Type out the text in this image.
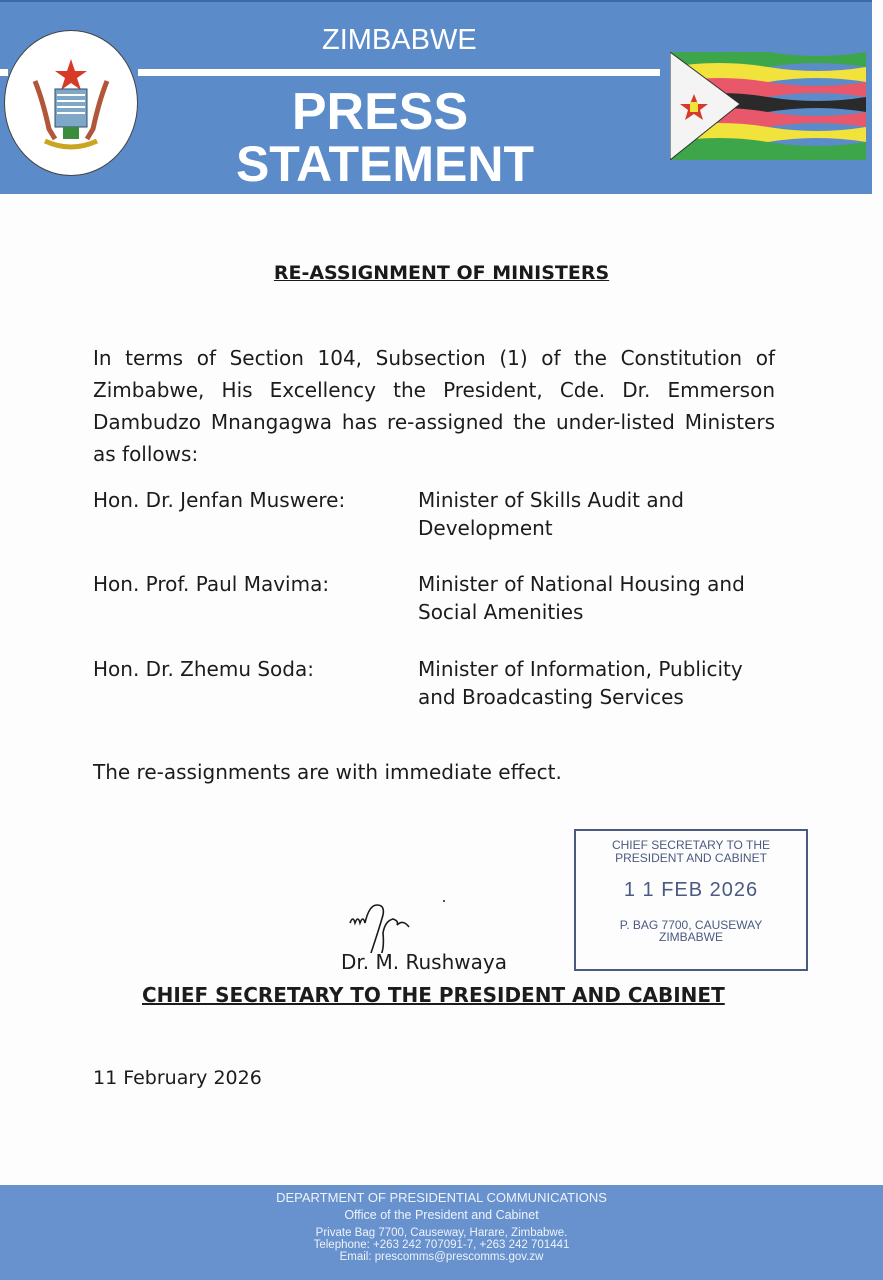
ZIMBABWE
PRESS
STATEMENT
RE-ASSIGNMENT OF MINISTERS
In terms of Section 104, Subsection (1) of the Constitution of Zimbabwe, His Excellency the President, Cde. Dr. Emmerson Dambudzo Mnangagwa has re-assigned the under-listed Ministers as follows:
Hon. Dr. Jenfan Muswere:	Minister of Skills Audit and Development
Hon. Prof. Paul Mavima:	Minister of National Housing and Social Amenities
Hon. Dr. Zhemu Soda:	Minister of Information, Publicity and Broadcasting Services
The re-assignments are with immediate effect.
CHIEF SECRETARY TO THE
PRESIDENT AND CABINET
1 1 FEB 2026
P. BAG 7700, CAUSEWAY
ZIMBABWE
Dr. M. Rushwaya
CHIEF SECRETARY TO THE PRESIDENT AND CABINET
11 February 2026
DEPARTMENT OF PRESIDENTIAL COMMUNICATIONS
Office of the President and Cabinet
Private Bag 7700, Causeway, Harare, Zimbabwe.
Telephone: +263 242 707091-7, +263 242 701441
Email: prescomms@prescomms.gov.zw
